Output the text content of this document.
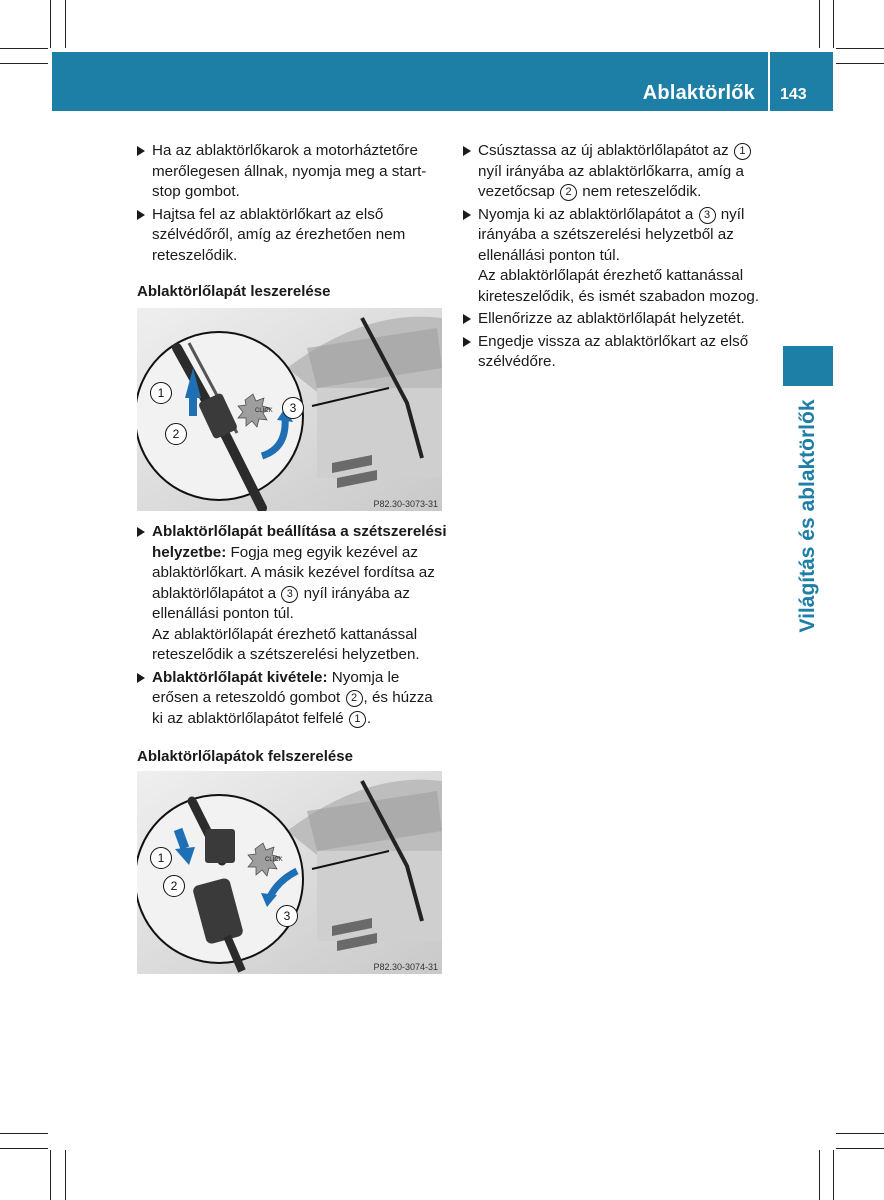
Ablaktörlők 143
Világítás és ablaktörlők
Ha az ablaktörlőkarok a motorháztetőre merőlegesen állnak, nyomja meg a start-stop gombot.
Hajtsa fel az ablaktörlőkart az első szélvédőről, amíg az érezhetően nem reteszelődik.
Ablaktörlőlapát leszerelése
CLICK
1
2
3
P82.30-3073-31
Ablaktörlőlapát beállítása a szétszerelési helyzetbe: Fogja meg egyik kezével az ablaktörlőkart. A másik kezével fordítsa az ablaktörlőlapátot a 3 nyíl irányába az ellenállási ponton túl.
Az ablaktörlőlapát érezhető kattanással reteszelődik a szétszerelési helyzetben.
Ablaktörlőlapát kivétele: Nyomja le erősen a reteszoldó gombot 2 , és húzza ki az ablaktörlőlapátot felfelé 1 .
Ablaktörlőlapátok felszerelése
CLICK
1
2
3
P82.30-3074-31
Csúsztassa az új ablaktörlőlapátot az 1 nyíl irányába az ablaktörlőkarra, amíg a vezetőcsap 2 nem reteszelődik.
Nyomja ki az ablaktörlőlapátot a 3 nyíl irányába a szétszerelési helyzetből az ellenállási ponton túl.
Az ablaktörlőlapát érezhető kattanással kireteszelődik, és ismét szabadon mozog.
Ellenőrizze az ablaktörlőlapát helyzetét.
Engedje vissza az ablaktörlőkart az első szélvédőre.
